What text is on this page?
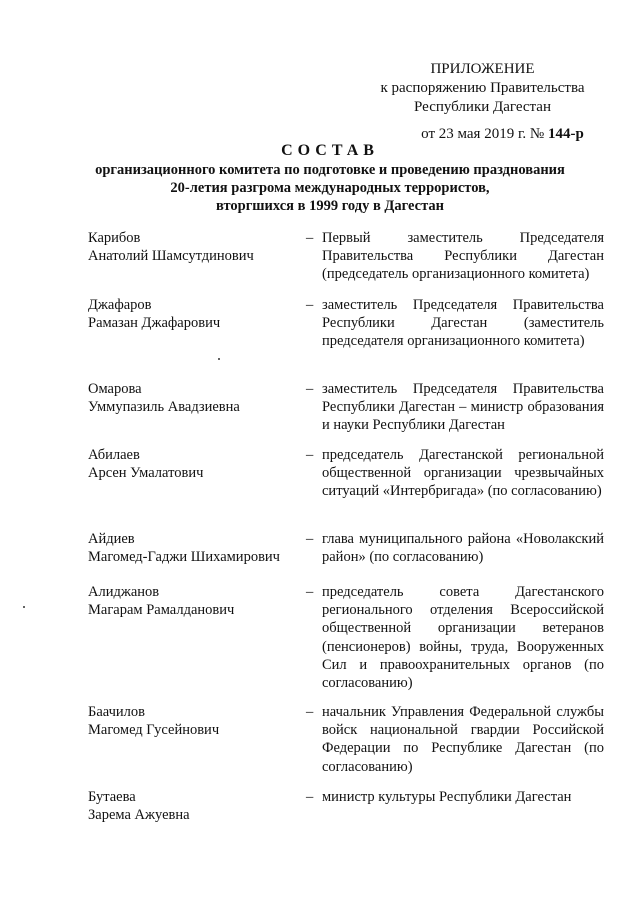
ПРИЛОЖЕНИЕ
к распоряжению Правительства
Республики Дагестан
от 23 мая 2019 г. № 144-р
СОСТАВ
организационного комитета по подготовке и проведению празднования
20-летия разгрома международных террористов,
вторгшихся в 1999 году в Дагестан
Карибов
Анатолий Шамсутдинович
– Первый заместитель Председателя Правительства Республики Дагестан (председатель организационного комитета)
Джафаров
Рамазан Джафарович
– заместитель Председателя Правительства Республики Дагестан (заместитель председателя организационного комитета)
Омарова
Уммупазиль Авадзиевна
– заместитель Председателя Правительства Республики Дагестан – министр образования и науки Республики Дагестан
Абилаев
Арсен Умалатович
– председатель Дагестанской региональной общественной организации чрезвычайных ситуаций «Интербригада» (по согласованию)
Айдиев
Магомед-Гаджи Шихамирович
– глава муниципального района «Новолакский район» (по согласованию)
Алиджанов
Магарам Рамалданович
– председатель совета Дагестанского регионального отделения Всероссийской общественной организации ветеранов (пенсионеров) войны, труда, Вооруженных Сил и правоохранительных органов (по согласованию)
Баачилов
Магомед Гусейнович
– начальник Управления Федеральной службы войск национальной гвардии Российской Федерации по Республике Дагестан (по согласованию)
Бутаева
Зарема Ажуевна
– министр культуры Республики Дагестан
